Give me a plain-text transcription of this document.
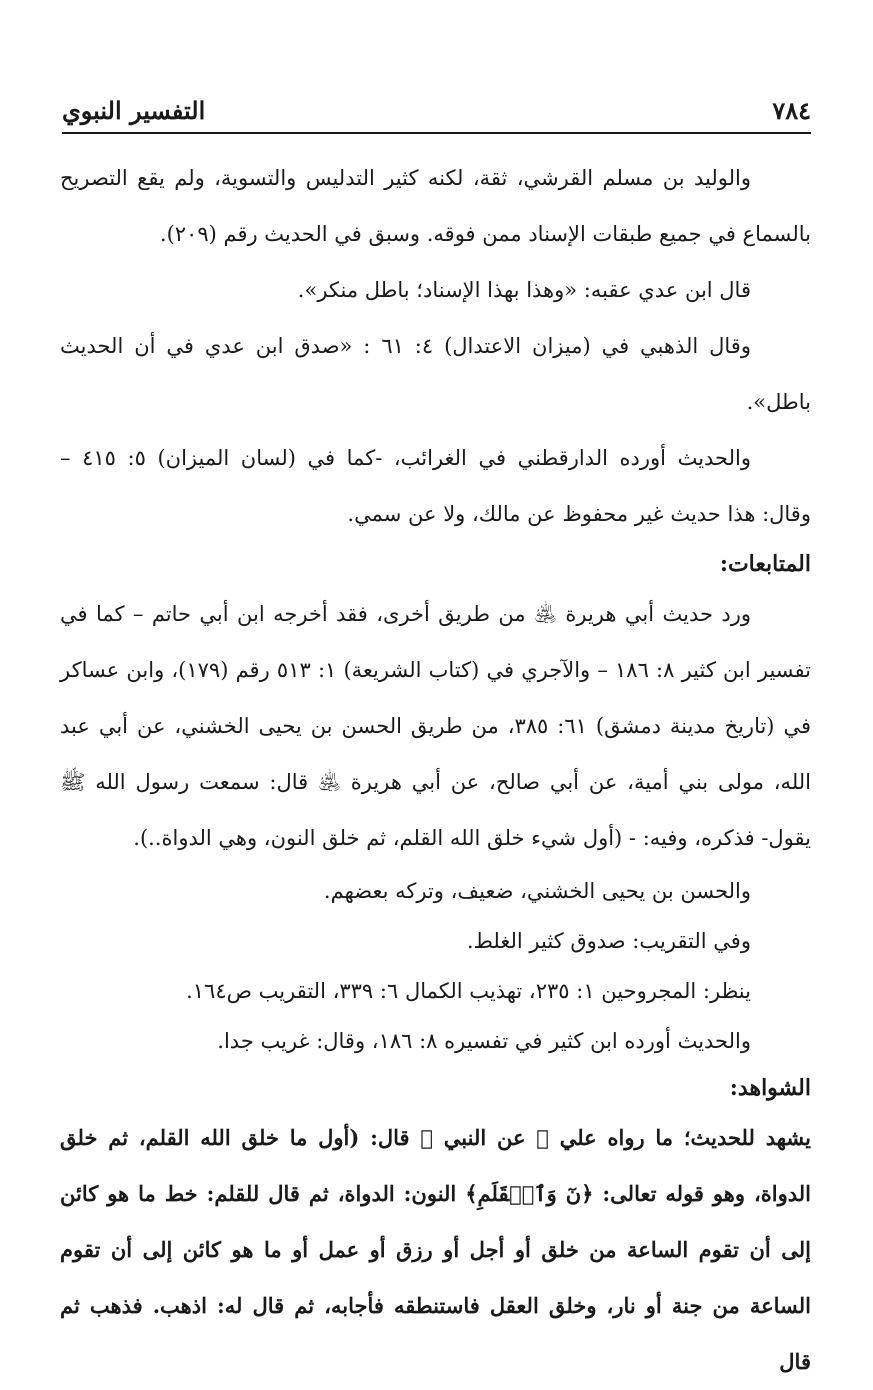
٧٨٤
التفسير النبوي

والوليد بن مسلم القرشي، ثقة، لكنه كثير التدليس والتسوية، ولم يقع التصريح بالسماع في جميع طبقات الإسناد ممن فوقه. وسبق في الحديث رقم (٢٠٩).

قال ابن عدي عقبه: «وهذا بهذا الإسناد؛ باطل منكر».

وقال الذهبي في (ميزان الاعتدال) ٤: ٦١ : «صدق ابن عدي في أن الحديث باطل».

والحديث أورده الدارقطني في الغرائب، -كما في (لسان الميزان) ٥: ٤١٥ – وقال: هذا حديث غير محفوظ عن مالك، ولا عن سمي.

المتابعات:

ورد حديث أبي هريرة ﵁ من طريق أخرى، فقد أخرجه ابن أبي حاتم – كما في تفسير ابن كثير ٨: ١٨٦ – والآجري في (كتاب الشريعة) ١: ٥١٣ رقم (١٧٩)، وابن عساكر في (تاريخ مدينة دمشق) ٦١: ٣٨٥، من طريق الحسن بن يحيى الخشني، عن أبي عبد الله، مولى بني أمية، عن أبي صالح، عن أبي هريرة ﵁ قال: سمعت رسول الله ﷺ يقول- فذكره، وفيه: - (أول شيء خلق الله القلم، ثم خلق النون، وهي الدواة..).

والحسن بن يحيى الخشني، ضعيف، وتركه بعضهم.

وفي التقريب: صدوق كثير الغلط.

ينظر: المجروحين ١: ٢٣٥، تهذيب الكمال ٦: ٣٣٩، التقريب ص١٦٤.

والحديث أورده ابن كثير في تفسيره ٨: ١٨٦، وقال: غريب جدا.

الشواهد:

يشهد للحديث؛ ما رواه علي ﵁ عن النبي ﷺ قال: (أول ما خلق الله القلم، ثم خلق الدواة، وهو قوله تعالى: ﴿نٓ وَٱلۡقَلَمِ﴾ النون: الدواة، ثم قال للقلم: خط ما هو كائن إلى أن تقوم الساعة من خلق أو أجل أو رزق أو عمل أو ما هو كائن إلى أن تقوم الساعة من جنة أو نار، وخلق العقل فاستنطقه فأجابه، ثم قال له: اذهب. فذهب ثم قال
